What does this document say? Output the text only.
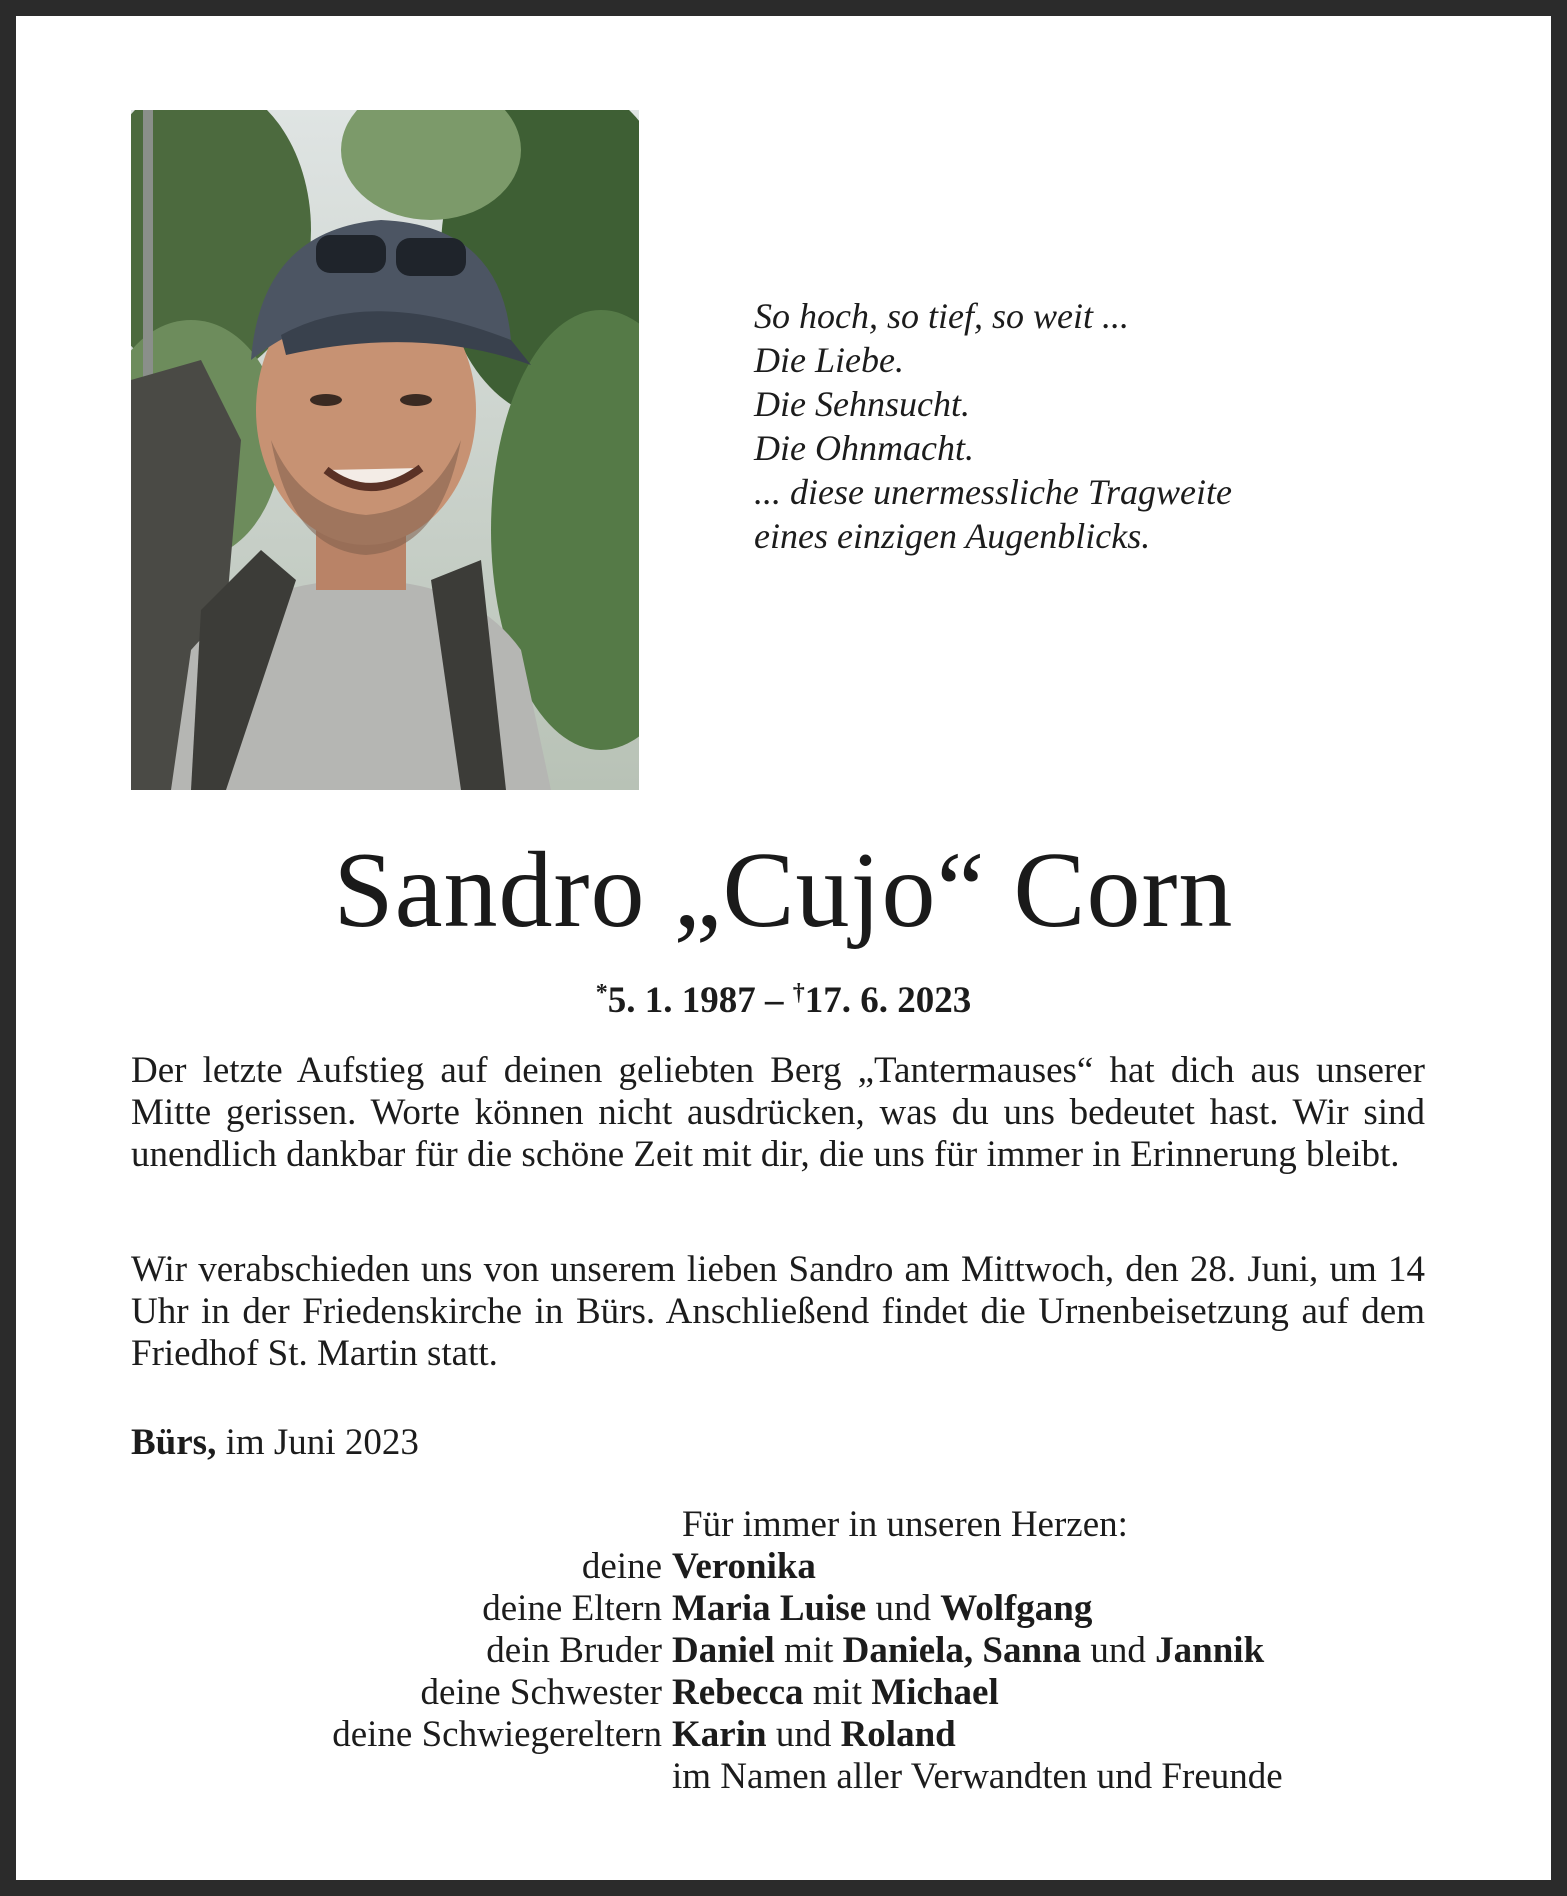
So hoch, so tief, so weit ...
Die Liebe.
Die Sehnsucht.
Die Ohnmacht.
... diese unermessliche Tragweite
eines einzigen Augenblicks.
Sandro „Cujo“ Corn
*5. 1. 1987 – †17. 6. 2023
Der letzte Aufstieg auf deinen geliebten Berg „Tantermauses“ hat dich aus unserer Mitte gerissen. Worte können nicht ausdrücken, was du uns bedeutet hast. Wir sind unendlich dankbar für die schöne Zeit mit dir, die uns für immer in Erinnerung bleibt.
Wir verabschieden uns von unserem lieben Sandro am Mittwoch, den 28. Juni, um 14 Uhr in der Friedenskirche in Bürs. Anschließend findet die Urnenbeisetzung auf dem Friedhof St. Martin statt.
Bürs, im Juni 2023
Für immer in unseren Herzen:
deine Veronika
deine Eltern Maria Luise und Wolfgang
dein Bruder Daniel mit Daniela, Sanna und Jannik
deine Schwester Rebecca mit Michael
deine Schwiegereltern Karin und Roland
im Namen aller Verwandten und Freunde
